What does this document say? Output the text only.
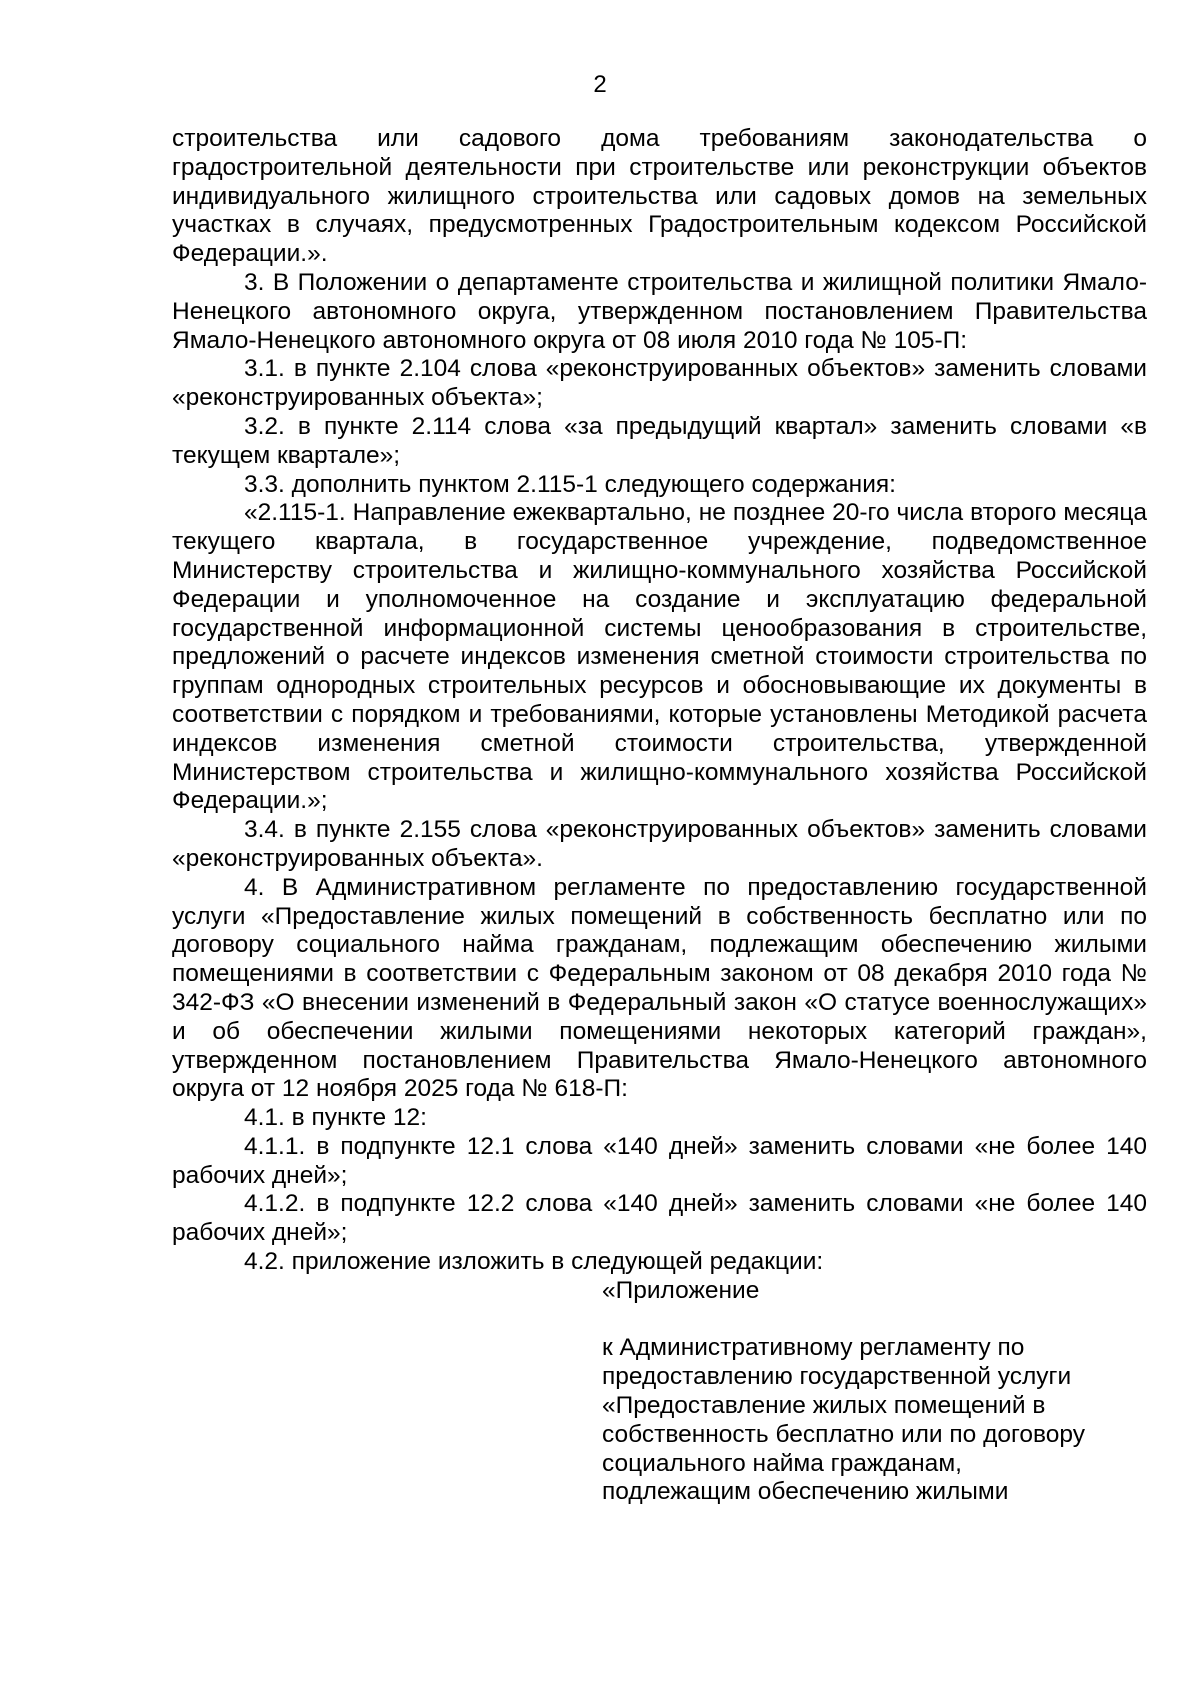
2

строительства или садового дома требованиям законодательства о градостроительной деятельности при строительстве или реконструкции объектов индивидуального жилищного строительства или садовых домов на земельных участках в случаях, предусмотренных Градостроительным кодексом Российской Федерации.».

3. В Положении о департаменте строительства и жилищной политики Ямало-Ненецкого автономного округа, утвержденном постановлением Правительства Ямало-Ненецкого автономного округа от 08 июля 2010 года № 105-П:

3.1. в пункте 2.104 слова «реконструированных объектов» заменить словами «реконструированных объекта»;

3.2. в пункте 2.114 слова «за предыдущий квартал» заменить словами «в текущем квартале»;

3.3. дополнить пунктом 2.115-1 следующего содержания:

«2.115-1. Направление ежеквартально, не позднее 20-го числа второго месяца текущего квартала, в государственное учреждение, подведомственное Министерству строительства и жилищно-коммунального хозяйства Российской Федерации и уполномоченное на создание и эксплуатацию федеральной государственной информационной системы ценообразования в строительстве, предложений о расчете индексов изменения сметной стоимости строительства по группам однородных строительных ресурсов и обосновывающие их документы в соответствии с порядком и требованиями, которые установлены Методикой расчета индексов изменения сметной стоимости строительства, утвержденной Министерством строительства и жилищно-коммунального хозяйства Российской Федерации.»;

3.4. в пункте 2.155 слова «реконструированных объектов» заменить словами «реконструированных объекта».

4. В Административном регламенте по предоставлению государственной услуги «Предоставление жилых помещений в собственность бесплатно или по договору социального найма гражданам, подлежащим обеспечению жилыми помещениями в соответствии с Федеральным законом от 08 декабря 2010 года № 342-ФЗ «О внесении изменений в Федеральный закон «О статусе военнослужащих» и об обеспечении жилыми помещениями некоторых категорий граждан», утвержденном постановлением Правительства Ямало-Ненецкого автономного округа от 12 ноября 2025 года № 618-П:

4.1. в пункте 12:

4.1.1. в подпункте 12.1 слова «140 дней» заменить словами «не более 140 рабочих дней»;

4.1.2. в подпункте 12.2 слова «140 дней» заменить словами «не более 140 рабочих дней»;

4.2. приложение изложить в следующей редакции:

«Приложение

к Административному регламенту по
предоставлению государственной услуги
«Предоставление жилых помещений в
собственность бесплатно или по договору
социального найма гражданам,
подлежащим обеспечению жилыми
